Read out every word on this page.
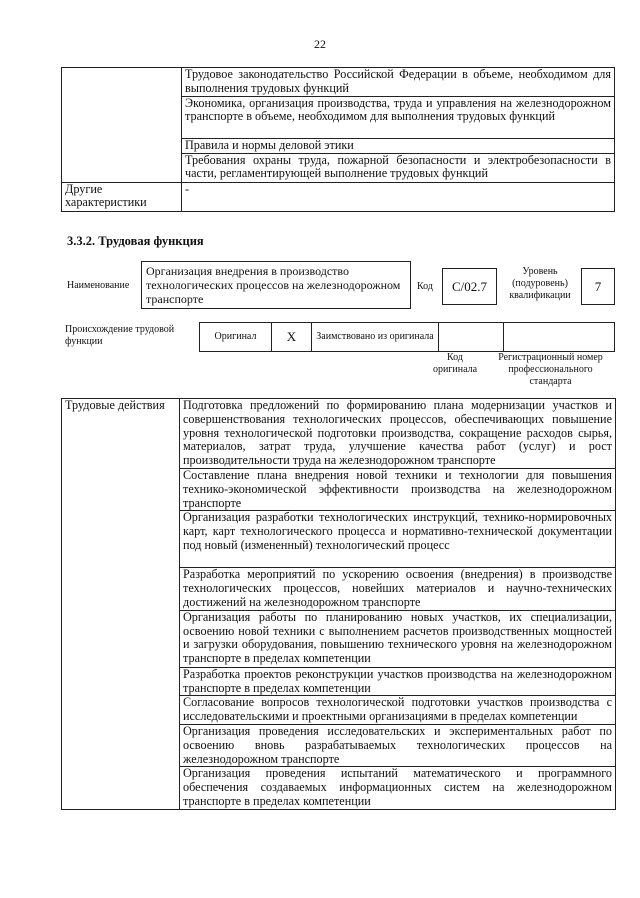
22
	Трудовое законодательство Российской Федерации в объеме, необходимом для выполнения трудовых функций
	Экономика, организация производства, труда и управления на железнодорожном транспорте в объеме, необходимом для выполнения трудовых функций
	Правила и нормы деловой этики
	Требования охраны труда, пожарной безопасности и электробезопасности в части, регламентирующей выполнение трудовых функций
Другие характеристики	-
3.3.2. Трудовая функция
Наименование
Организация внедрения в производство технологических процессов на железнодорожном транспорте
Код	C/02.7
Уровень (подуровень) квалификации
7
Происхождение трудовой функции	Оригинал	X	Заимствовано из оригинала		
Код оригинала
Регистрационный номер профессионального стандарта
Трудовые действия	Подготовка предложений по формированию плана модернизации участков и совершенствования технологических процессов, обеспечивающих повышение уровня технологической подготовки производства, сокращение расходов сырья, материалов, затрат труда, улучшение качества работ (услуг) и рост производительности труда на железнодорожном транспорте
Составление плана внедрения новой техники и технологии для повышения технико-экономической эффективности производства на железнодорожном транспорте
Организация разработки технологических инструкций, технико-нормировочных карт, карт технологического процесса и нормативно-технической документации под новый (измененный) технологический процесс
Разработка мероприятий по ускорению освоения (внедрения) в производстве технологических процессов, новейших материалов и научно-технических достижений на железнодорожном транспорте
Организация работы по планированию новых участков, их специализации, освоению новой техники с выполнением расчетов производственных мощностей и загрузки оборудования, повышению технического уровня на железнодорожном транспорте в пределах компетенции
Разработка проектов реконструкции участков производства на железнодорожном транспорте в пределах компетенции
Согласование вопросов технологической подготовки участков производства с исследовательскими и проектными организациями в пределах компетенции
Организация проведения исследовательских и экспериментальных работ по освоению вновь разрабатываемых технологических процессов на железнодорожном транспорте
Организация проведения испытаний математического и программного обеспечения создаваемых информационных систем на железнодорожном транспорте в пределах компетенции
